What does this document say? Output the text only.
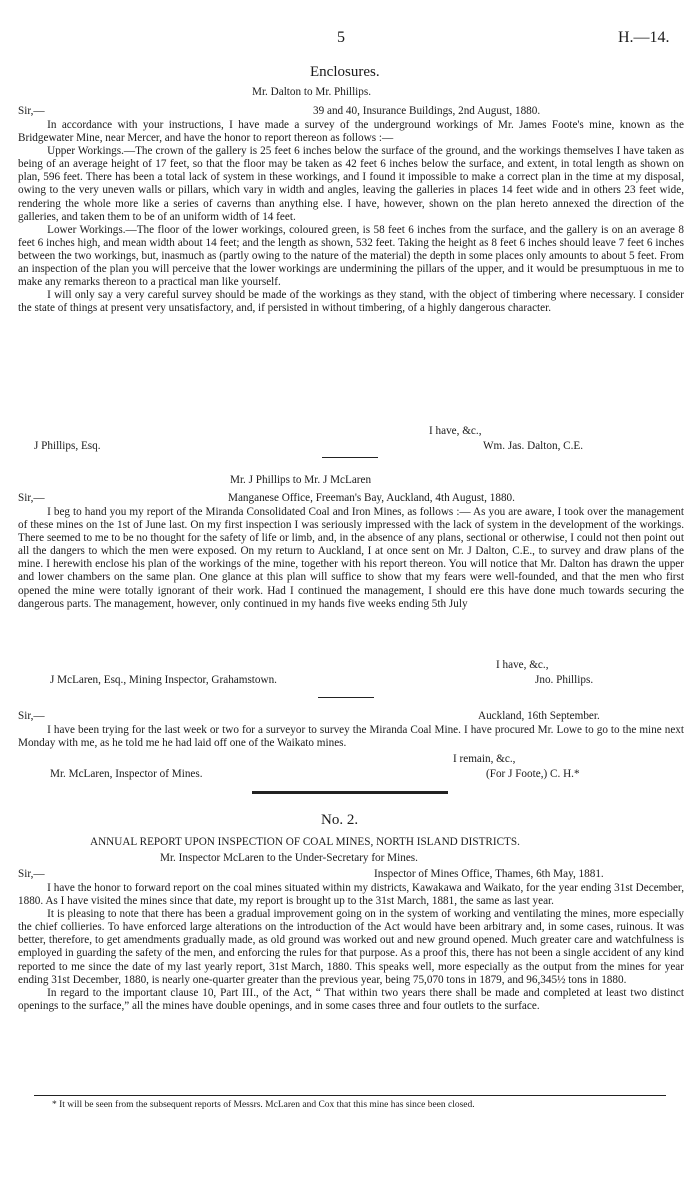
5	H.—14.
Enclosures.
Mr. Dalton to Mr. Phillips.
Sir,—	39 and 40, Insurance Buildings, 2nd August, 1880.

In accordance with your instructions, I have made a survey of the underground workings of Mr. James Foote's mine, known as the Bridgewater Mine, near Mercer, and have the honor to report thereon as follows :—

Upper Workings.—The crown of the gallery is 25 feet 6 inches below the surface of the ground, and the workings themselves I have taken as being of an average height of 17 feet, so that the floor may be taken as 42 feet 6 inches below the surface, and extent, in total length as shown on plan, 596 feet. There has been a total lack of system in these workings, and I found it impossible to make a correct plan in the time at my disposal, owing to the very uneven walls or pillars, which vary in width and angles, leaving the galleries in places 14 feet wide and in others 23 feet wide, rendering the whole more like a series of caverns than anything else. I have, however, shown on the plan hereto annexed the direction of the galleries, and taken them to be of an uniform width of 14 feet.

Lower Workings.—The floor of the lower workings, coloured green, is 58 feet 6 inches from the surface, and the gallery is on an average 8 feet 6 inches high, and mean width about 14 feet; and the length as shown, 532 feet. Taking the height as 8 feet 6 inches should leave 7 feet 6 inches between the two workings, but, inasmuch as (partly owing to the nature of the material) the depth in some places only amounts to about 5 feet. From an inspection of the plan you will perceive that the lower workings are undermining the pillars of the upper, and it would be presumptuous in me to make any remarks thereon to a practical man like yourself.

I will only say a very careful survey should be made of the workings as they stand, with the object of timbering where necessary. I consider the state of things at present very unsatisfactory, and, if persisted in without timbering, of a highly dangerous character.

I have, &c.,
J Phillips, Esq.	Wm. Jas. Dalton, C.E.
Mr. J Phillips to Mr. J McLaren
Sir,—	Manganese Office, Freeman's Bay, Auckland, 4th August, 1880.

I beg to hand you my report of the Miranda Consolidated Coal and Iron Mines, as follows :— As you are aware, I took over the management of these mines on the 1st of June last. On my first inspection I was seriously impressed with the lack of system in the development of the workings. There seemed to me to be no thought for the safety of life or limb, and, in the absence of any plans, sectional or otherwise, I could not then point out all the dangers to which the men were exposed. On my return to Auckland, I at once sent on Mr. J Dalton, C.E., to survey and draw plans of the mine. I herewith enclose his plan of the workings of the mine, together with his report thereon. You will notice that Mr. Dalton has drawn the upper and lower chambers on the same plan. One glance at this plan will suffice to show that my fears were well-founded, and that the men who first opened the mine were totally ignorant of their work. Had I continued the management, I should ere this have done much towards securing the dangerous parts. The management, however, only continued in my hands five weeks ending 5th July

I have, &c.,
J McLaren, Esq., Mining Inspector, Grahamstown.	Jno. Phillips.
Sir,—	Auckland, 16th September.

I have been trying for the last week or two for a surveyor to survey the Miranda Coal Mine. I have procured Mr. Lowe to go to the mine next Monday with me, as he told me he had laid off one of the Waikato mines.

I remain, &c.,
Mr. McLaren, Inspector of Mines.	(For J Foote,) C. H.*
No. 2.
ANNUAL REPORT UPON INSPECTION OF COAL MINES, NORTH ISLAND DISTRICTS.
Mr. Inspector McLaren to the Under-Secretary for Mines.
Sir,—	Inspector of Mines Office, Thames, 6th May, 1881.

I have the honor to forward report on the coal mines situated within my districts, Kawakawa and Waikato, for the year ending 31st December, 1880. As I have visited the mines since that date, my report is brought up to the 31st March, 1881, the same as last year.

It is pleasing to note that there has been a gradual improvement going on in the system of working and ventilating the mines, more especially the chief collieries. To have enforced large alterations on the introduction of the Act would have been arbitrary and, in some cases, ruinous. It was better, therefore, to get amendments gradually made, as old ground was worked out and new ground opened. Much greater care and watchfulness is employed in guarding the safety of the men, and enforcing the rules for that purpose. As a proof this, there has not been a single accident of any kind reported to me since the date of my last yearly report, 31st March, 1880. This speaks well, more especially as the output from the mines for year ending 31st December, 1880, is nearly one-quarter greater than the previous year, being 75,070 tons in 1879, and 96,345½ tons in 1880.

In regard to the important clause 10, Part III., of the Act, “ That within two years there shall be made and completed at least two distinct openings to the surface,” all the mines have double openings, and in some cases three and four outlets to the surface.

* It will be seen from the subsequent reports of Messrs. McLaren and Cox that this mine has since been closed.
